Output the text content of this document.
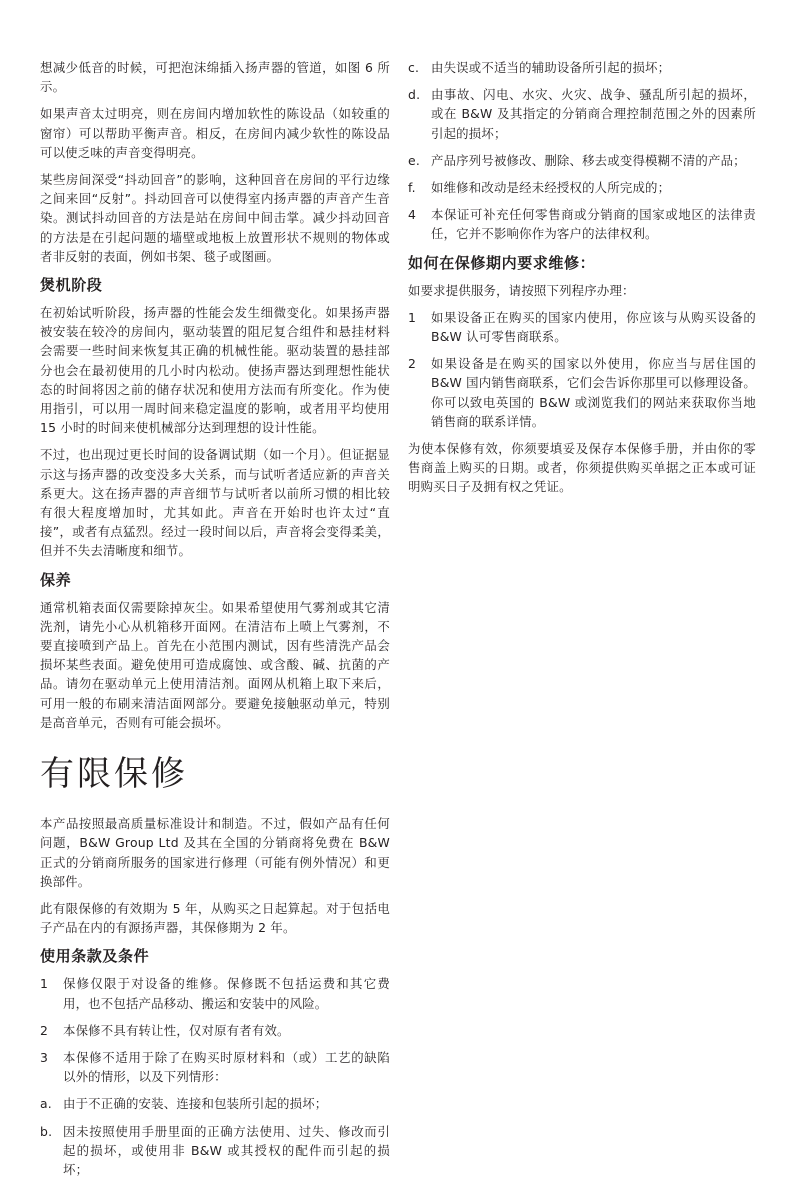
想减少低音的时候，可把泡沫绵插入扬声器的管道，如图 6 所示。

如果声音太过明亮，则在房间内增加软性的陈设品（如较重的窗帘）可以帮助平衡声音。相反，在房间内减少软性的陈设品可以使乏味的声音变得明亮。

某些房间深受“抖动回音”的影响，这种回音在房间的平行边缘之间来回“反射”。抖动回音可以使得室内扬声器的声音产生音染。测试抖动回音的方法是站在房间中间击掌。减少抖动回音的方法是在引起问题的墙壁或地板上放置形状不规则的物体或者非反射的表面，例如书架、毯子或图画。

煲机阶段

在初始试听阶段，扬声器的性能会发生细微变化。如果扬声器被安装在较冷的房间内，驱动装置的阻尼复合组件和悬挂材料会需要一些时间来恢复其正确的机械性能。驱动装置的悬挂部分也会在最初使用的几小时内松动。使扬声器达到理想性能状态的时间将因之前的储存状况和使用方法而有所变化。作为使用指引，可以用一周时间来稳定温度的影响，或者用平均使用 15 小时的时间来使机械部分达到理想的设计性能。

不过，也出现过更长时间的设备调试期（如一个月）。但证据显示这与扬声器的改变没多大关系，而与试听者适应新的声音关系更大。这在扬声器的声音细节与试听者以前所习惯的相比较有很大程度增加时，尤其如此。声音在开始时也许太过“直接”，或者有点猛烈。经过一段时间以后，声音将会变得柔美，但并不失去清晰度和细节。

保养

通常机箱表面仅需要除掉灰尘。如果希望使用气雾剂或其它清洗剂，请先小心从机箱移开面网。在清洁布上喷上气雾剂，不要直接喷到产品上。首先在小范围内测试，因有些清洗产品会损坏某些表面。避免使用可造成腐蚀、或含酸、碱、抗菌的产品。请勿在驱动单元上使用清洁剂。面网从机箱上取下来后，可用一般的布刷来清洁面网部分。要避免接触驱动单元，特别是高音单元，否则有可能会损坏。

有限保修

本产品按照最高质量标准设计和制造。不过，假如产品有任何问题，B&W Group Ltd 及其在全国的分销商将免费在 B&W 正式的分销商所服务的国家进行修理（可能有例外情况）和更换部件。

此有限保修的有效期为 5 年，从购买之日起算起。对于包括电子产品在内的有源扬声器，其保修期为 2 年。

使用条款及条件
1 保修仅限于对设备的维修。保修既不包括运费和其它费用，也不包括产品移动、搬运和安装中的风险。
2 本保修不具有转让性，仅对原有者有效。
3 本保修不适用于除了在购买时原材料和（或）工艺的缺陷以外的情形，以及下列情形：
a. 由于不正确的安装、连接和包装所引起的损坏；
b. 因未按照使用手册里面的正确方法使用、过失、修改而引起的损坏，或使用非 B&W 或其授权的配件而引起的损坏；
c. 由失误或不适当的辅助设备所引起的损坏；
d. 由事故、闪电、水灾、火灾、战争、骚乱所引起的损坏，或在 B&W 及其指定的分销商合理控制范围之外的因素所引起的损坏；
e. 产品序列号被修改、删除、移去或变得模糊不清的产品；
f. 如维修和改动是经未经授权的人所完成的；
4 本保证可补充任何零售商或分销商的国家或地区的法律责任，它并不影响你作为客户的法律权利。
如何在保修期内要求维修：

如要求提供服务，请按照下列程序办理：

1 如果设备正在购买的国家内使用，你应该与从购买设备的 B&W 认可零售商联系。
2 如果设备是在购买的国家以外使用，你应当与居住国的 B&W 国内销售商联系，它们会告诉你那里可以修理设备。你可以致电英国的 B&W 或浏览我们的网站来获取你当地销售商的联系详情。

为使本保修有效，你须要填妥及保存本保修手册，并由你的零售商盖上购买的日期。或者，你须提供购买单据之正本或可证明购买日子及拥有权之凭证。
